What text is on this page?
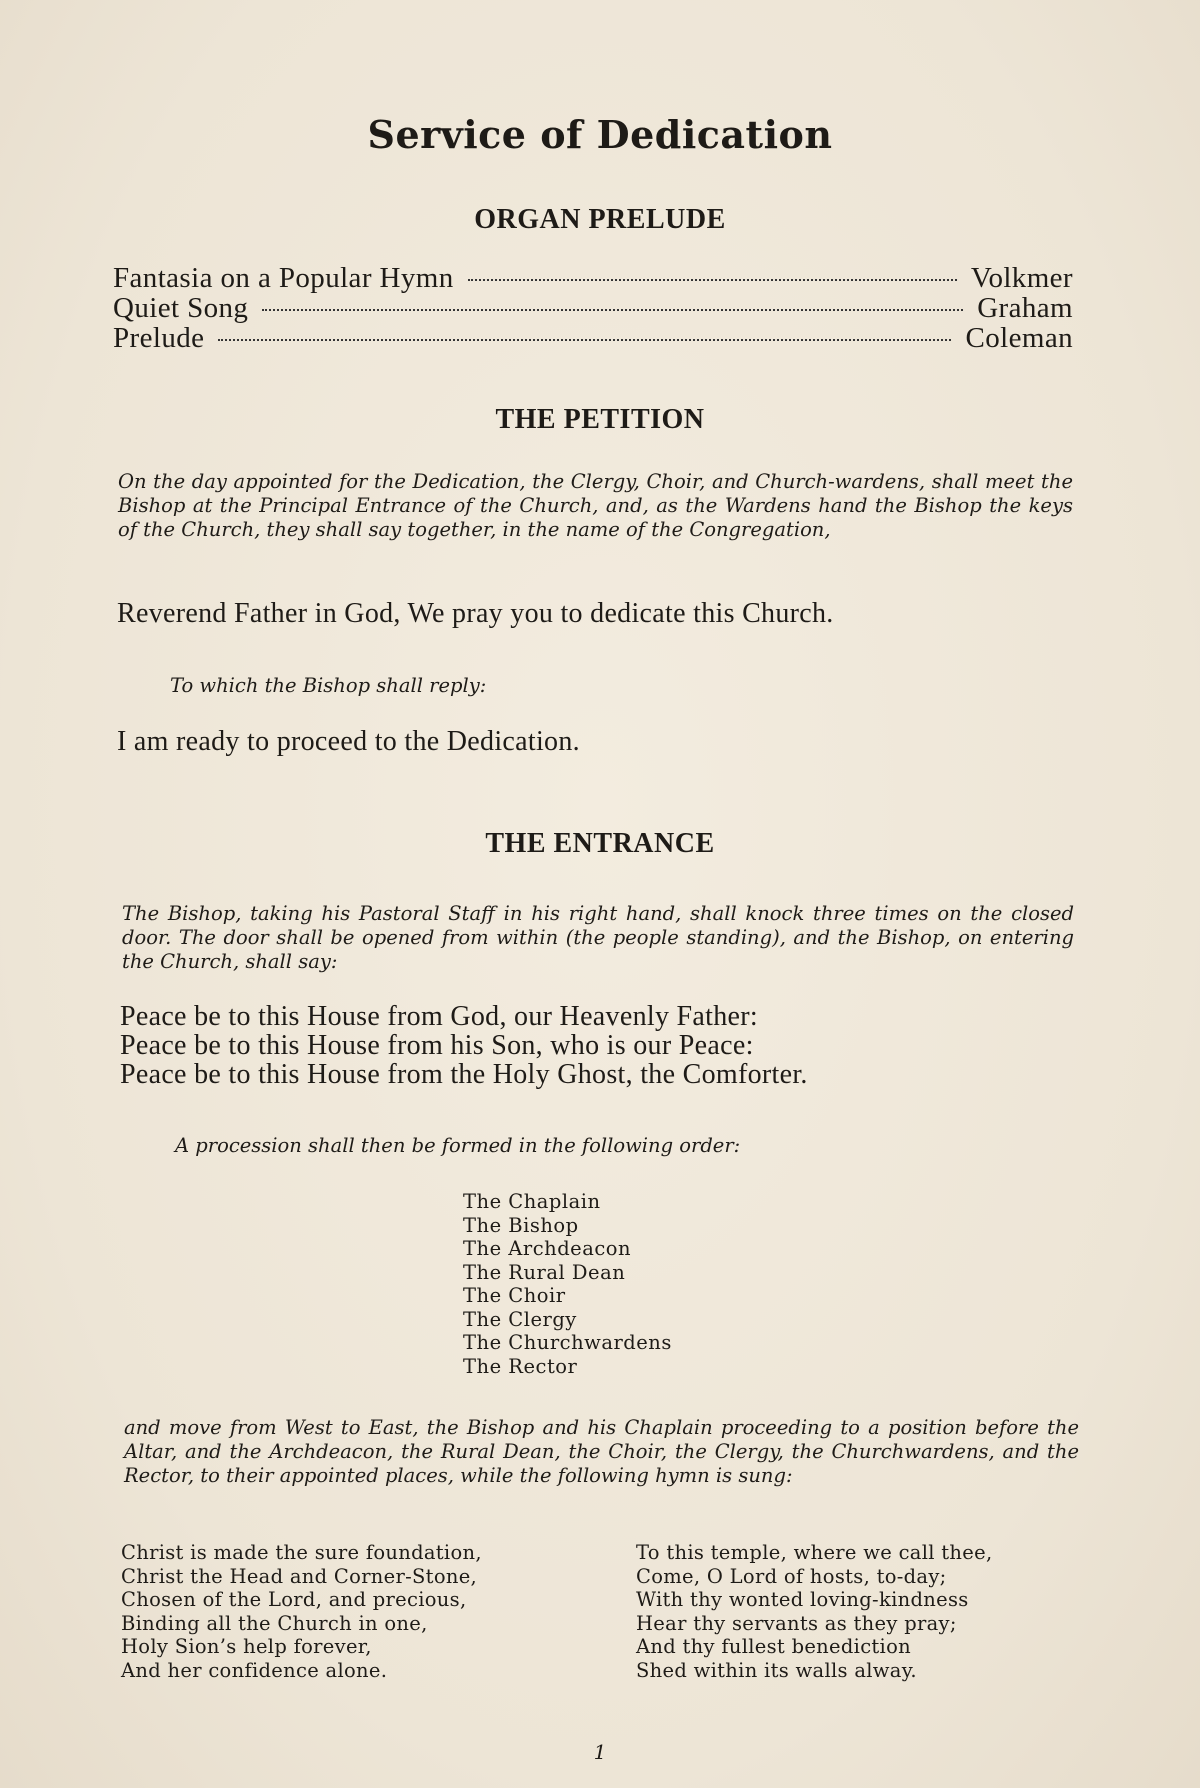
Service of Dedication
ORGAN PRELUDE
Fantasia on a Popular Hymn	Volkmer
Quiet Song	Graham
Prelude	Coleman
THE PETITION
On the day appointed for the Dedication, the Clergy, Choir, and Church-wardens, shall meet the Bishop at the Principal Entrance of the Church, and, as the Wardens hand the Bishop the keys of the Church, they shall say together, in the name of the Congregation,
Reverend Father in God, We pray you to dedicate this Church.
To which the Bishop shall reply:
I am ready to proceed to the Dedication.
THE ENTRANCE
The Bishop, taking his Pastoral Staff in his right hand, shall knock three times on the closed door. The door shall be opened from within (the people standing), and the Bishop, on entering the Church, shall say:
Peace be to this House from God, our Heavenly Father:
Peace be to this House from his Son, who is our Peace:
Peace be to this House from the Holy Ghost, the Comforter.
A procession shall then be formed in the following order:
The Chaplain
The Bishop
The Archdeacon
The Rural Dean
The Choir
The Clergy
The Churchwardens
The Rector
and move from West to East, the Bishop and his Chaplain proceeding to a position before the Altar, and the Archdeacon, the Rural Dean, the Choir, the Clergy, the Churchwardens, and the Rector, to their appointed places, while the following hymn is sung:
Christ is made the sure foundation,
Christ the Head and Corner-Stone,
Chosen of the Lord, and precious,
Binding all the Church in one,
Holy Sion’s help forever,
And her confidence alone.
To this temple, where we call thee,
Come, O Lord of hosts, to-day;
With thy wonted loving-kindness
Hear thy servants as they pray;
And thy fullest benediction
Shed within its walls alway.
1
